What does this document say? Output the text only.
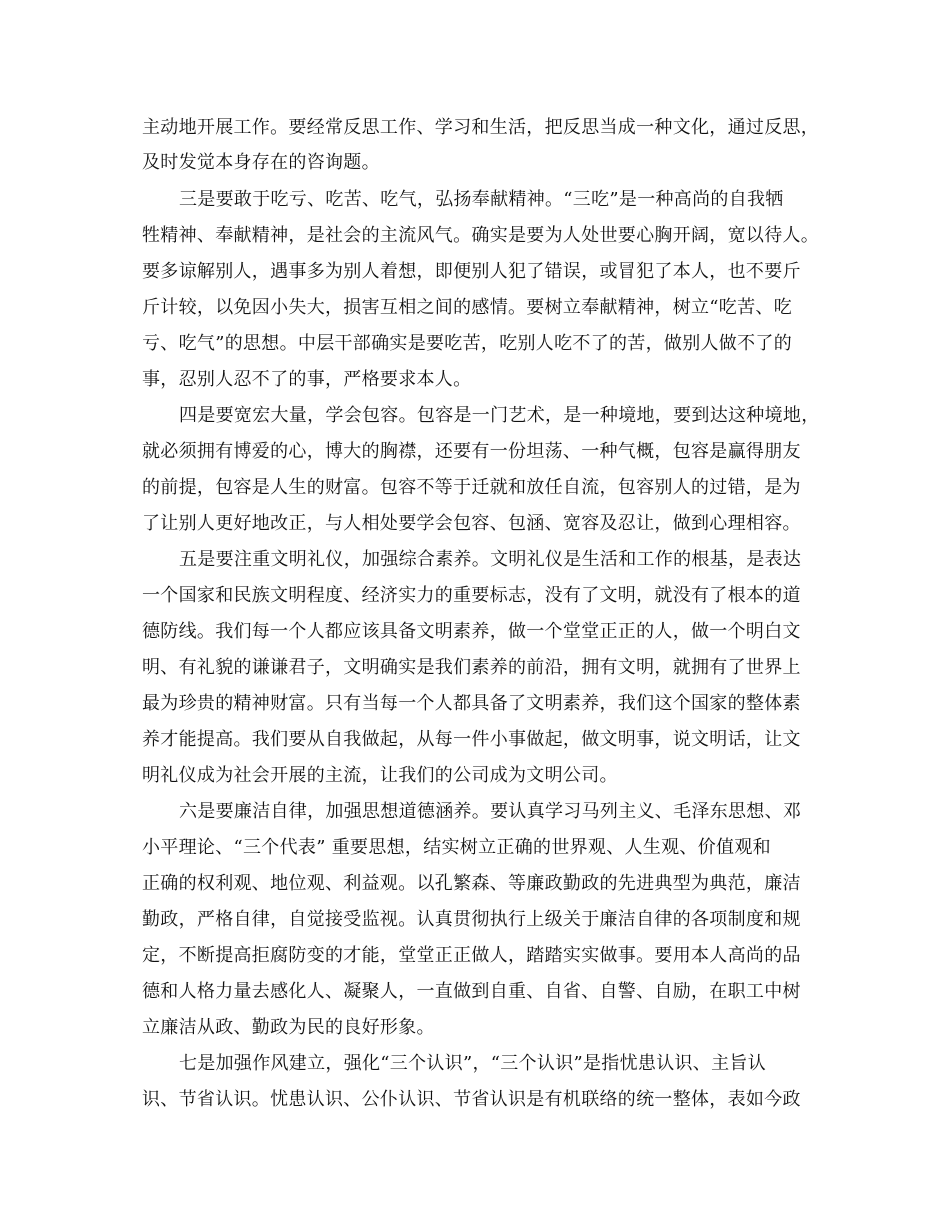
主动地开展工作。要经常反思工作、学习和生活，把反思当成一种文化，通过反思，
及时发觉本身存在的咨询题。
三是要敢于吃亏、吃苦、吃气，弘扬奉献精神。“三吃”是一种高尚的自我牺
牲精神、奉献精神，是社会的主流风气。确实是要为人处世要心胸开阔，宽以待人。
要多谅解别人，遇事多为别人着想，即便别人犯了错误，或冒犯了本人，也不要斤
斤计较，以免因小失大，损害互相之间的感情。要树立奉献精神，树立“吃苦、吃
亏、吃气”的思想。中层干部确实是要吃苦，吃别人吃不了的苦，做别人做不了的
事，忍别人忍不了的事，严格要求本人。
四是要宽宏大量，学会包容。包容是一门艺术，是一种境地，要到达这种境地，
就必须拥有博爱的心，博大的胸襟，还要有一份坦荡、一种气概，包容是赢得朋友
的前提，包容是人生的财富。包容不等于迁就和放任自流，包容别人的过错，是为
了让别人更好地改正，与人相处要学会包容、包涵、宽容及忍让，做到心理相容。
五是要注重文明礼仪，加强综合素养。文明礼仪是生活和工作的根基，是表达
一个国家和民族文明程度、经济实力的重要标志，没有了文明，就没有了根本的道
德防线。我们每一个人都应该具备文明素养，做一个堂堂正正的人，做一个明白文
明、有礼貌的谦谦君子，文明确实是我们素养的前沿，拥有文明，就拥有了世界上
最为珍贵的精神财富。只有当每一个人都具备了文明素养，我们这个国家的整体素
养才能提高。我们要从自我做起，从每一件小事做起，做文明事，说文明话，让文
明礼仪成为社会开展的主流，让我们的公司成为文明公司。
六是要廉洁自律，加强思想道德涵养。要认真学习马列主义、毛泽东思想、邓
小平理论、“三个代表” 重要思想，结实树立正确的世界观、人生观、价值观和
正确的权利观、地位观、利益观。以孔繁森、等廉政勤政的先进典型为典范，廉洁
勤政，严格自律，自觉接受监视。认真贯彻执行上级关于廉洁自律的各项制度和规
定，不断提高拒腐防变的才能，堂堂正正做人，踏踏实实做事。要用本人高尚的品
德和人格力量去感化人、凝聚人，一直做到自重、自省、自警、自励，在职工中树
立廉洁从政、勤政为民的良好形象。
七是加强作风建立，强化“三个认识”，“三个认识”是指忧患认识、主旨认
识、节省认识。忧患认识、公仆认识、节省认识是有机联络的统一整体，表如今政
